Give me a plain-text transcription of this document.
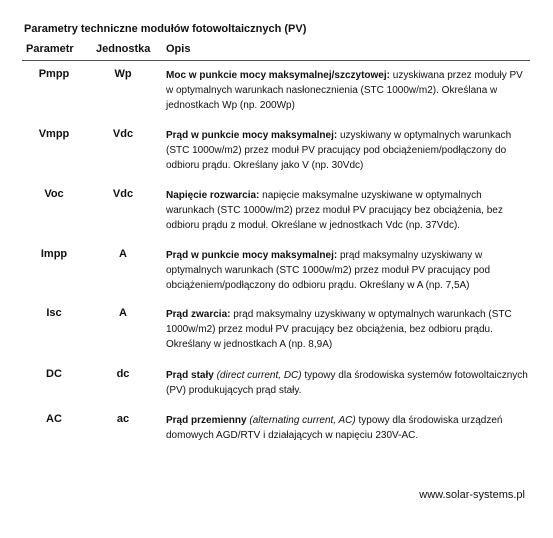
Parametry techniczne modułów fotowoltaicznych (PV)
Parametr Jednostka Opis
Pmpp	Wp	Moc w punkcie mocy maksymalnej/szczytowej: uzyskiwana przez moduły PV w optymalnych warunkach nasłonecznienia (STC 1000w/m2). Określana w jednostkach Wp (np. 200Wp)
Vmpp	Vdc	Prąd w punkcie mocy maksymalnej: uzyskiwany w optymalnych warunkach (STC 1000w/m2) przez moduł PV pracujący pod obciążeniem/podłączony do odbioru prądu. Określany jako V (np. 30Vdc)
Voc	Vdc	Napięcie rozwarcia: napięcie maksymalne uzyskiwane w optymalnych warunkach (STC 1000w/m2) przez moduł PV pracujący bez obciążenia, bez odbioru prądu z moduł. Określane w jednostkach Vdc (np. 37Vdc).
Impp	A	Prąd w punkcie mocy maksymalnej: prąd maksymalny uzyskiwany w optymalnych warunkach (STC 1000w/m2) przez moduł PV pracujący pod obciążeniem/podłączony do odbioru prądu. Określany w A (np. 7,5A)
Isc	A	Prąd zwarcia: prąd maksymalny uzyskiwany w optymalnych warunkach (STC 1000w/m2) przez moduł PV pracujący bez obciążenia, bez odbioru prądu. Określany w jednostkach A (np. 8,9A)
DC	dc	Prąd stały (direct current, DC) typowy dla środowiska systemów fotowoltaicznych (PV) produkujących prąd stały.
AC	ac	Prąd przemienny (alternating current, AC) typowy dla środowiska urządzeń domowych AGD/RTV i działających w napięciu 230V-AC.
www.solar-systems.pl
